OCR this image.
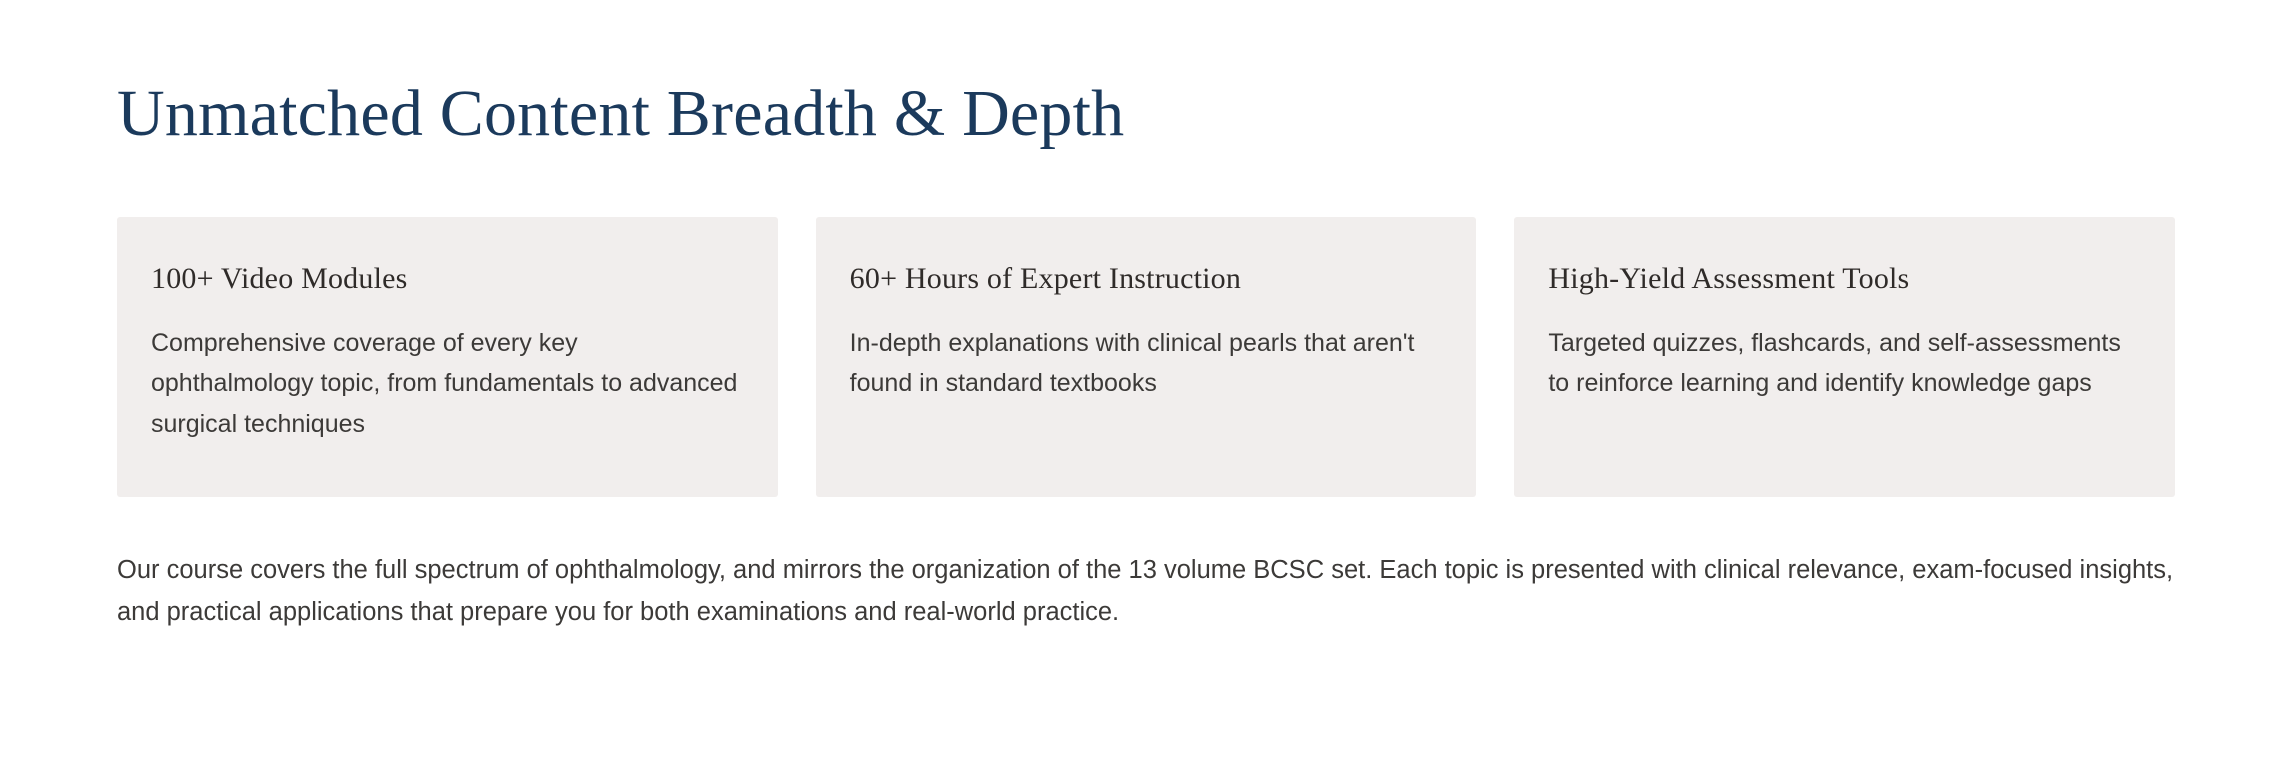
Unmatched Content Breadth & Depth
100+ Video Modules

Comprehensive coverage of every key ophthalmology topic, from fundamentals to advanced surgical techniques

60+ Hours of Expert Instruction

In-depth explanations with clinical pearls that aren't found in standard textbooks

High-Yield Assessment Tools

Targeted quizzes, flashcards, and self-assessments to reinforce learning and identify knowledge gaps

Our course covers the full spectrum of ophthalmology, and mirrors the organization of the 13 volume BCSC set. Each topic is presented with clinical relevance, exam-focused insights, and practical applications that prepare you for both examinations and real-world practice.
